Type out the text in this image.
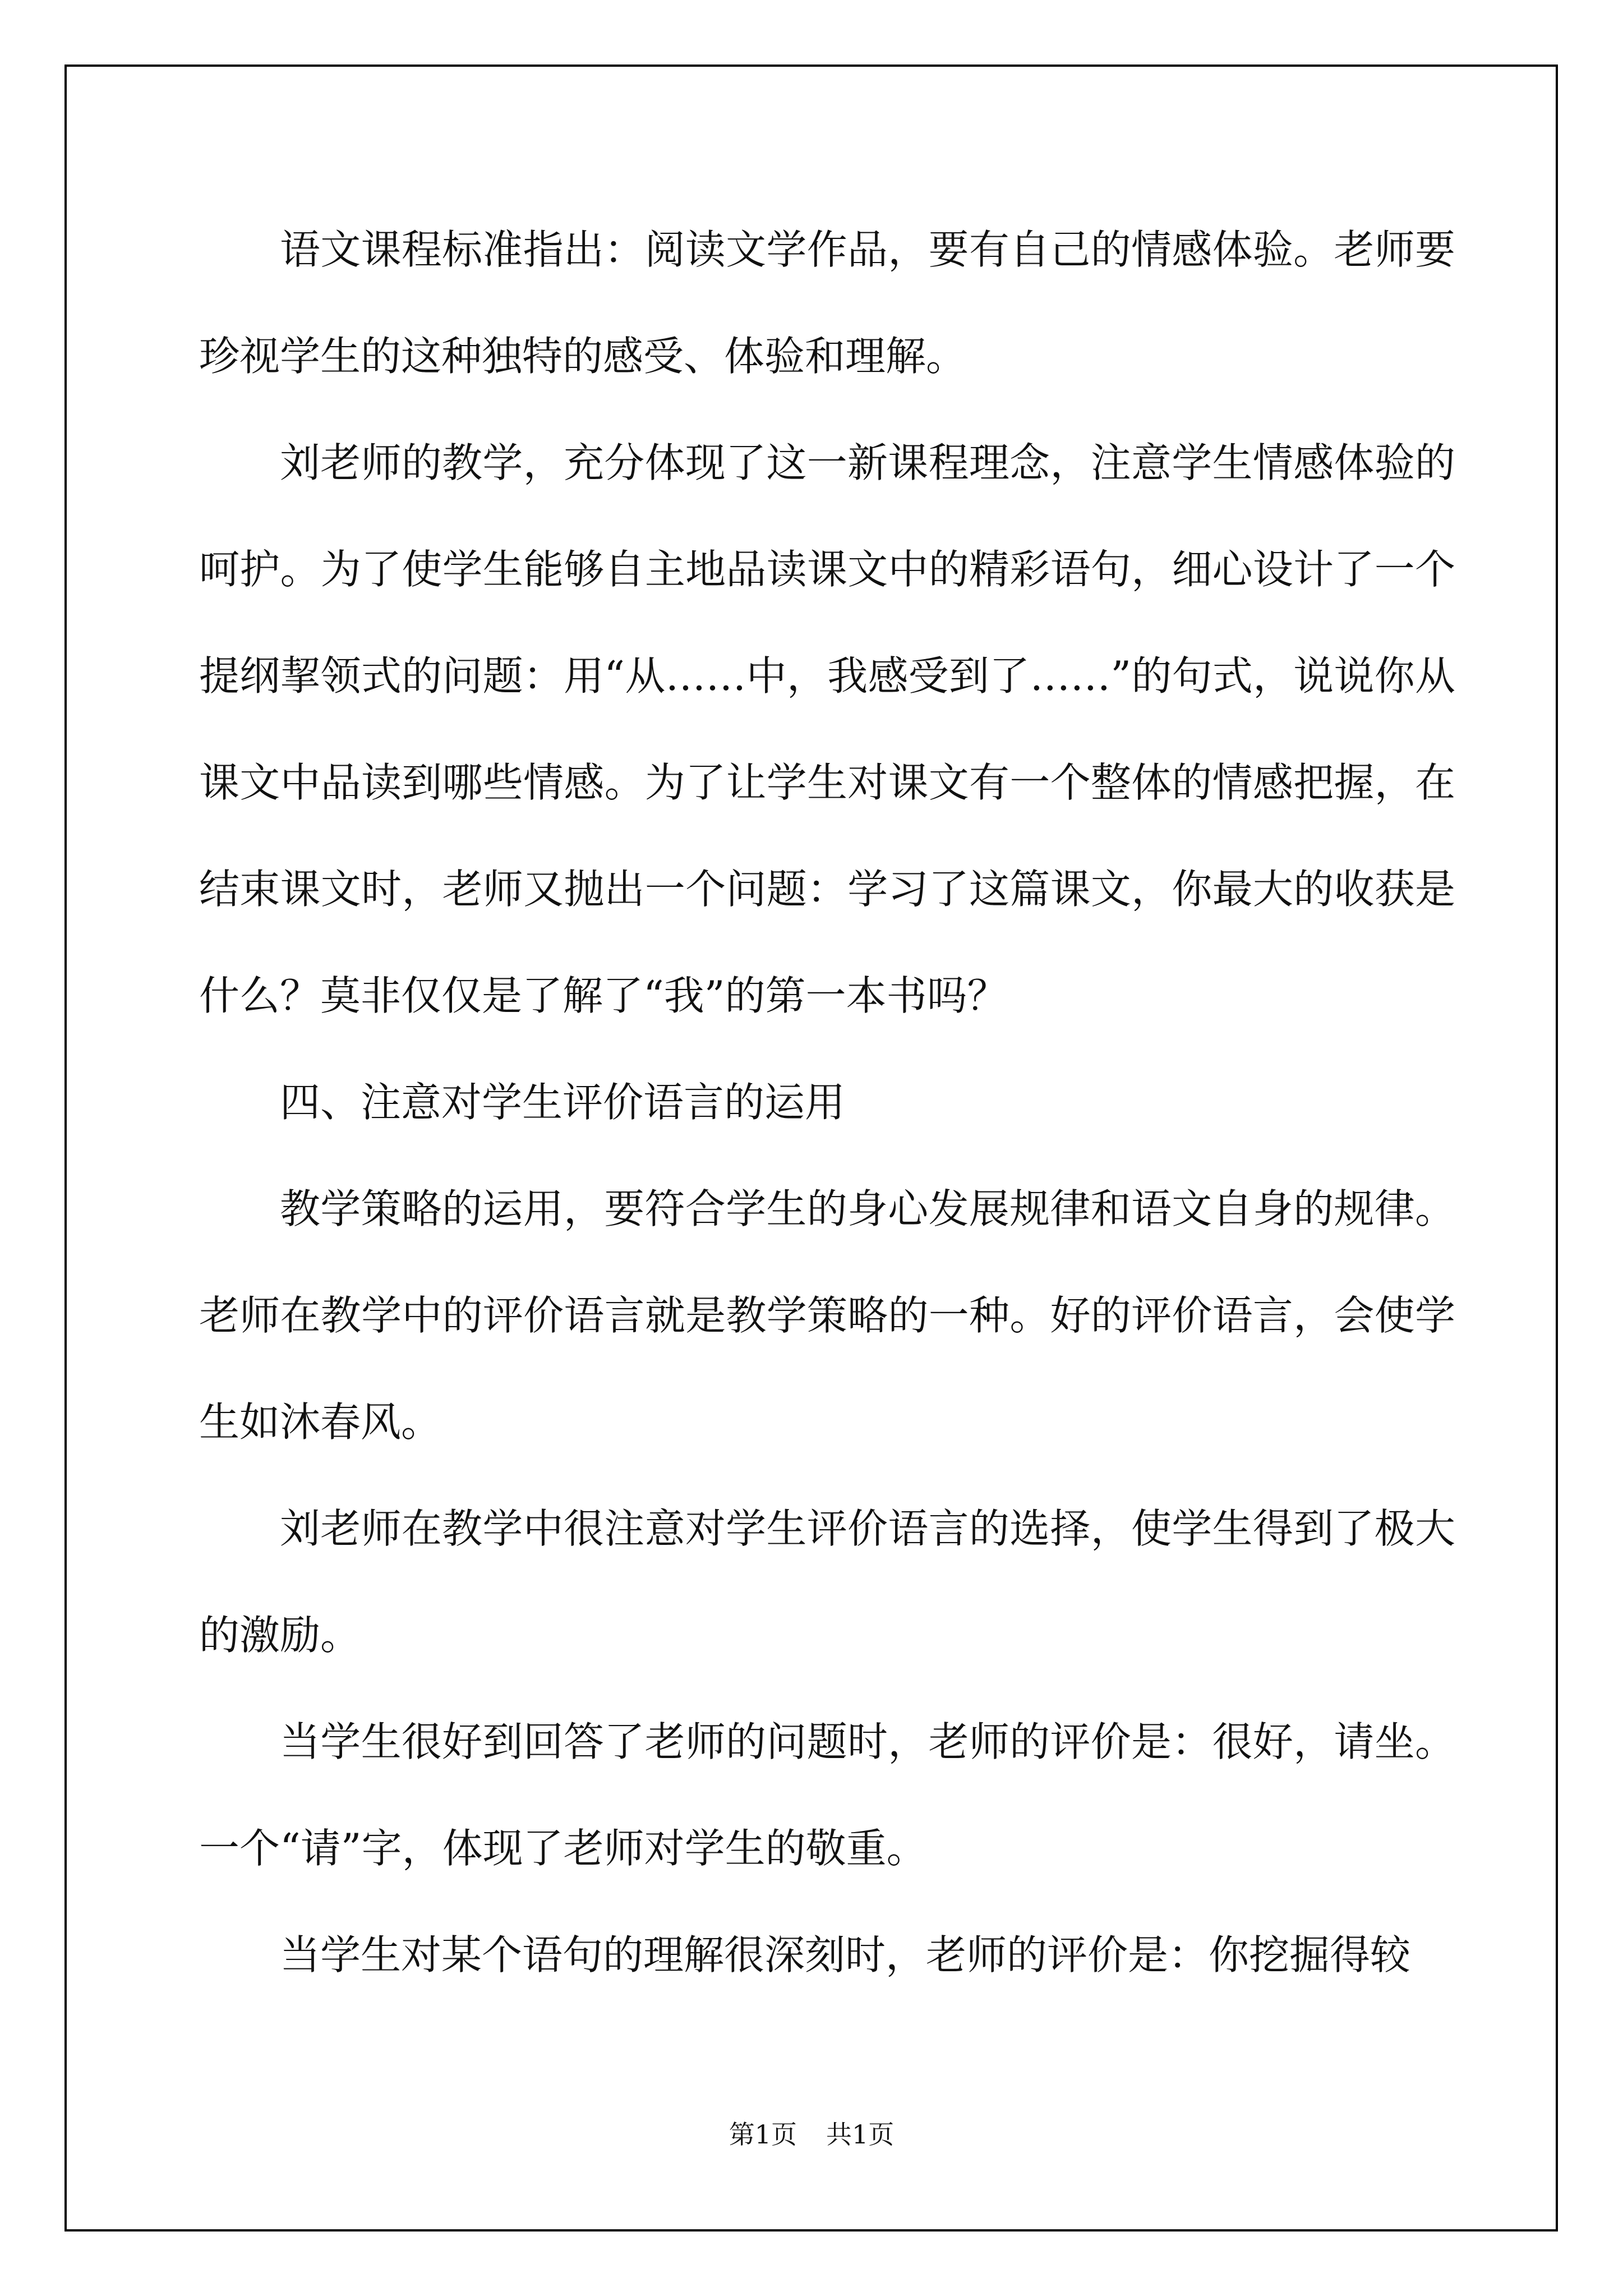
语文课程标准指出：阅读文学作品，要有自己的情感体验。老师要珍视学生的这种独特的感受、体验和理解。

刘老师的教学，充分体现了这一新课程理念，注意学生情感体验的呵护。为了使学生能够自主地品读课文中的精彩语句，细心设计了一个提纲挈领式的问题：用“从……中，我感受到了……”的句式，说说你从课文中品读到哪些情感。为了让学生对课文有一个整体的情感把握，在结束课文时，老师又抛出一个问题：学习了这篇课文，你最大的收获是什么？莫非仅仅是了解了“我”的第一本书吗？

四、注意对学生评价语言的运用

教学策略的运用，要符合学生的身心发展规律和语文自身的规律。老师在教学中的评价语言就是教学策略的一种。好的评价语言，会使学生如沐春风。

刘老师在教学中很注意对学生评价语言的选择，使学生得到了极大的激励。

当学生很好到回答了老师的问题时，老师的评价是：很好，请坐。一个“请”字，体现了老师对学生的敬重。

当学生对某个语句的理解很深刻时，老师的评价是：你挖掘得较

第1页 共1页
